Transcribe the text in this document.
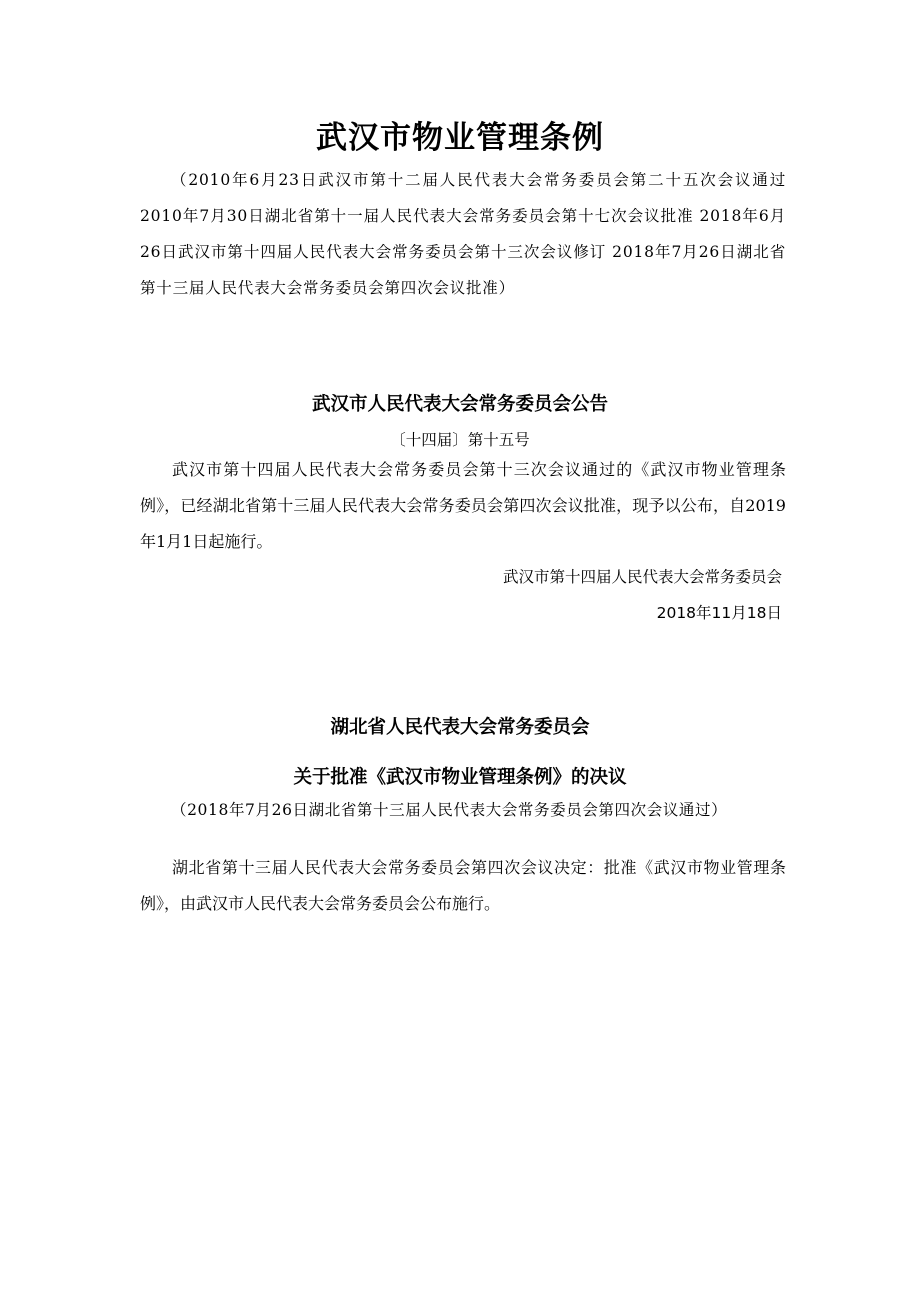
武汉市物业管理条例

（2010年6月23日武汉市第十二届人民代表大会常务委员会第二十五次会议通过 2010年7月30日湖北省第十一届人民代表大会常务委员会第十七次会议批准 2018年6月26日武汉市第十四届人民代表大会常务委员会第十三次会议修订 2018年7月26日湖北省第十三届人民代表大会常务委员会第四次会议批准）

武汉市人民代表大会常务委员会公告

〔十四届〕第十五号

武汉市第十四届人民代表大会常务委员会第十三次会议通过的《武汉市物业管理条例》，已经湖北省第十三届人民代表大会常务委员会第四次会议批准，现予以公布，自2019年1月1日起施行。

武汉市第十四届人民代表大会常务委员会

2018年11月18日

湖北省人民代表大会常务委员会
关于批准《武汉市物业管理条例》的决议

（2018年7月26日湖北省第十三届人民代表大会常务委员会第四次会议通过）

湖北省第十三届人民代表大会常务委员会第四次会议决定：批准《武汉市物业管理条例》，由武汉市人民代表大会常务委员会公布施行。
